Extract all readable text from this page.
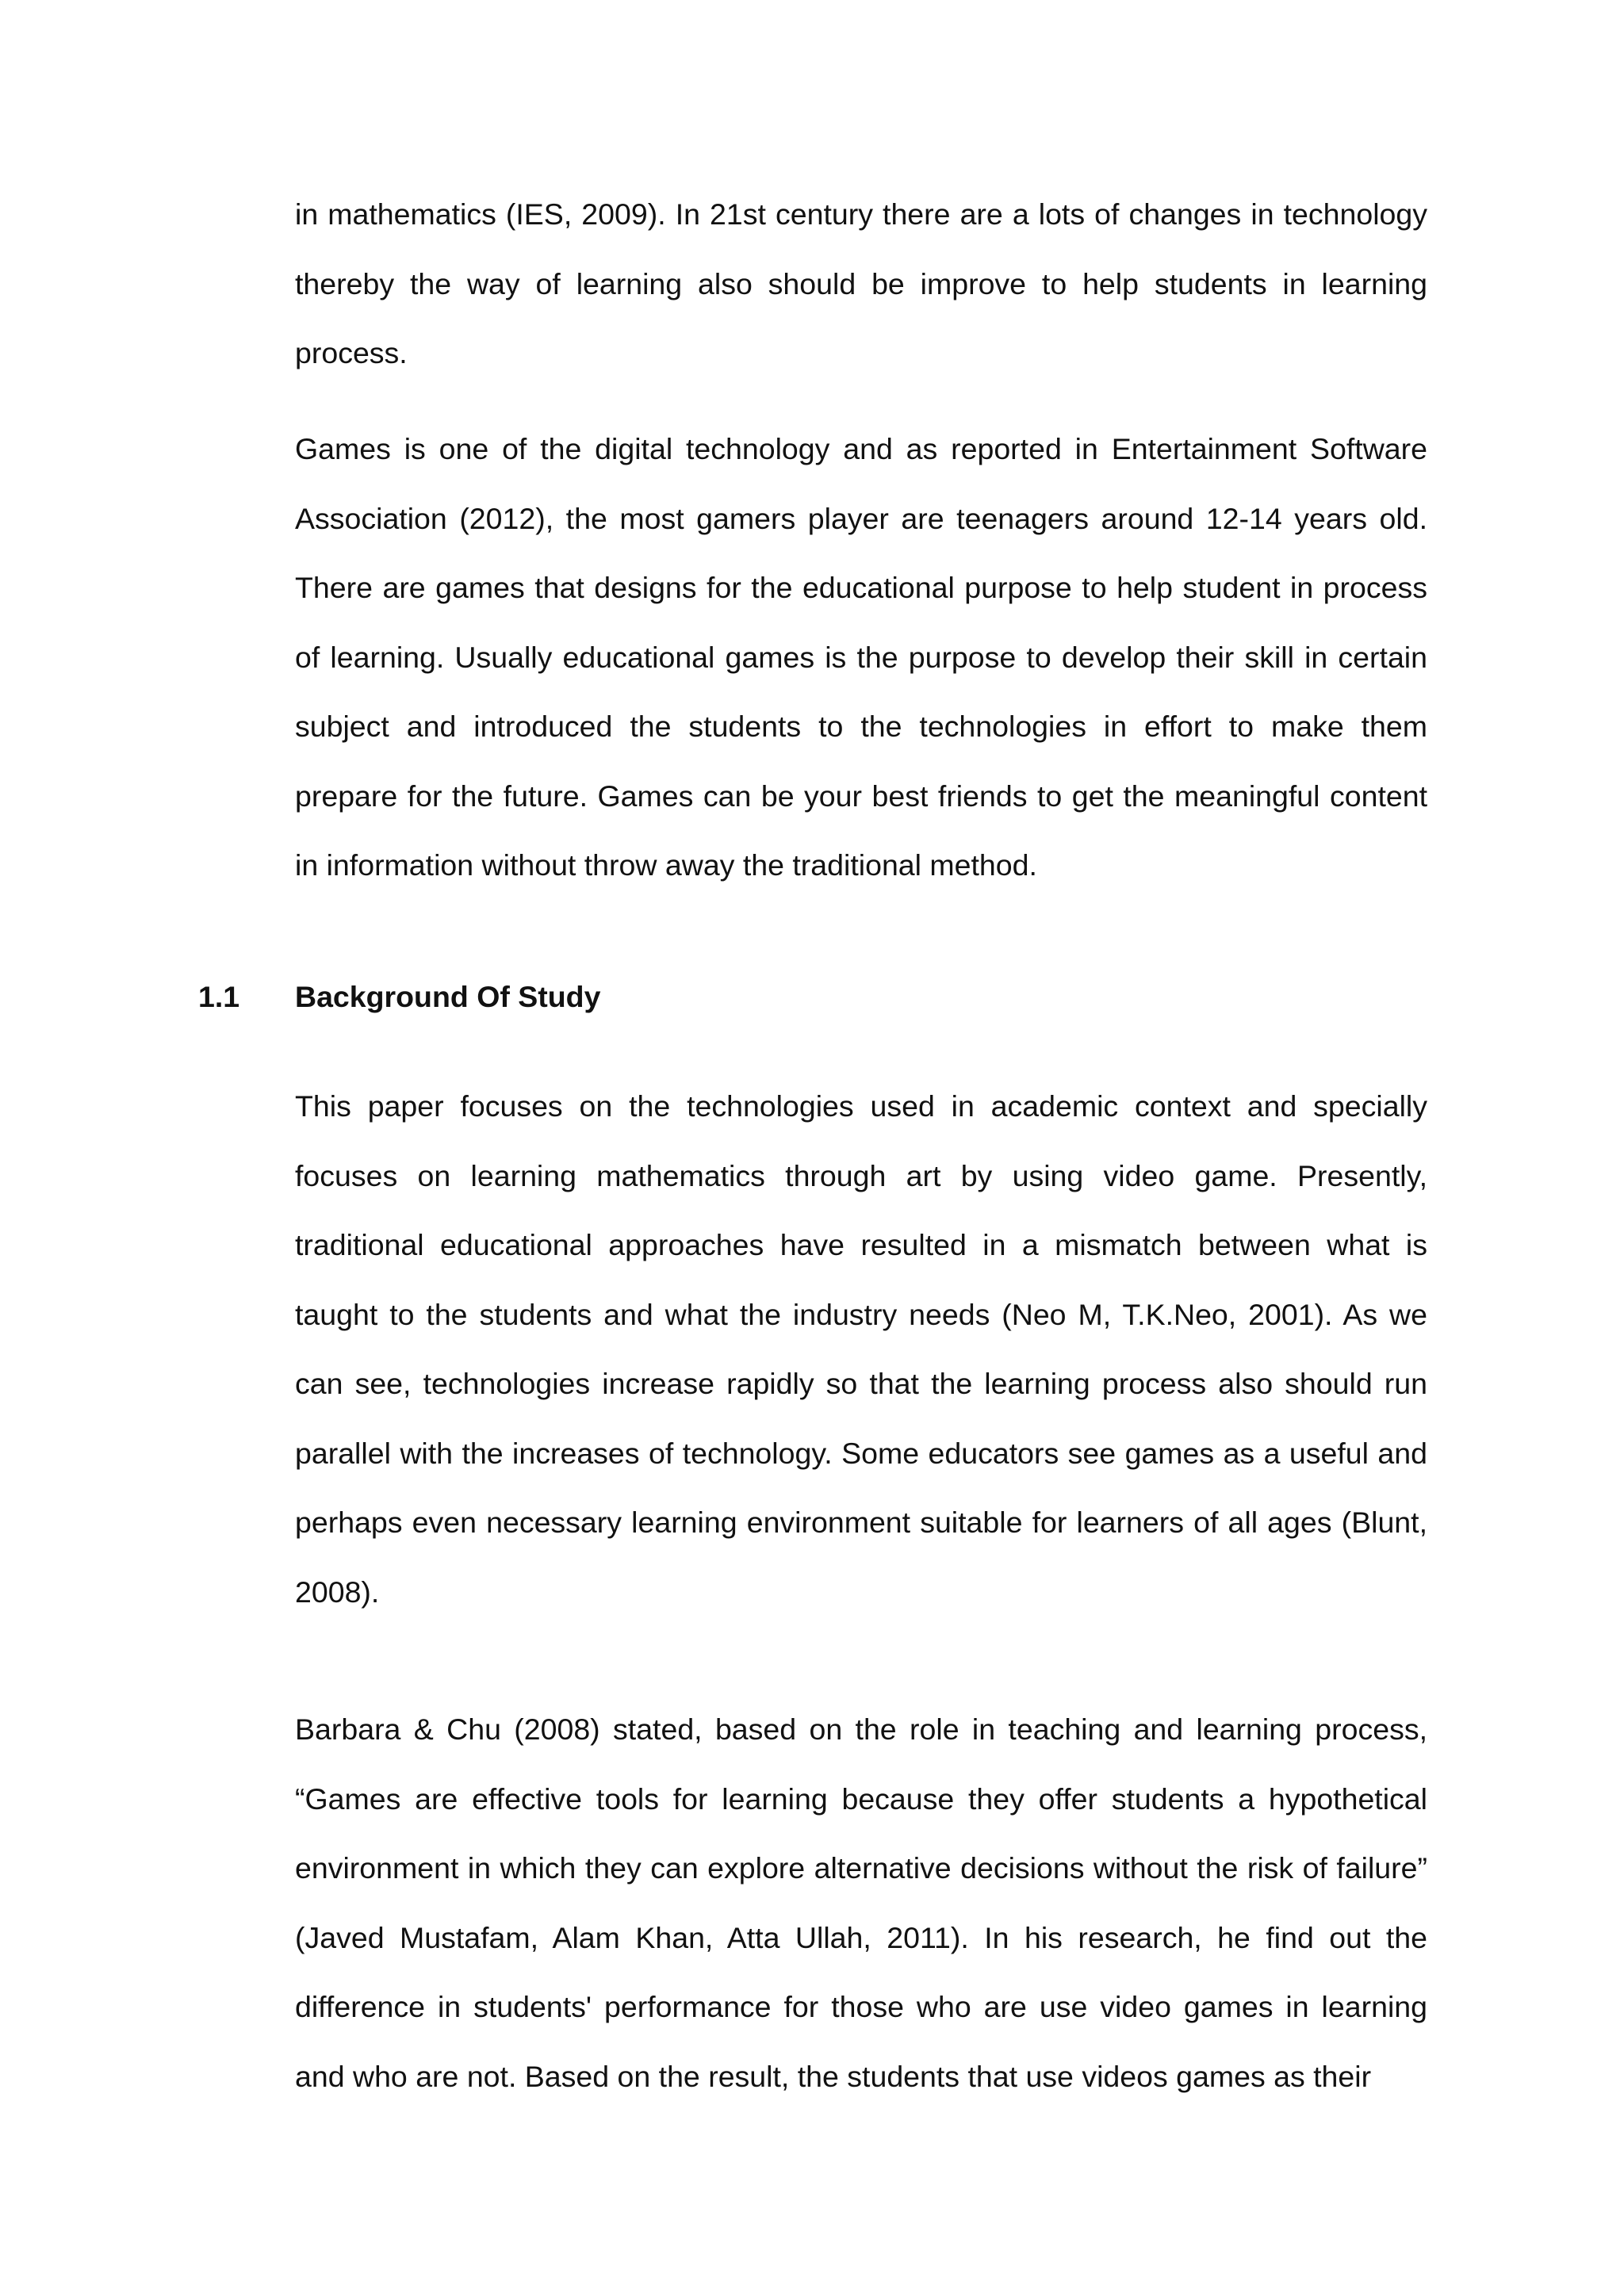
in mathematics (IES, 2009). In 21st century there are a lots of changes in technology thereby the way of learning also should be improve to help students in learning process.

Games is one of the digital technology and as reported in Entertainment Software Association (2012), the most gamers player are teenagers around 12-14 years old. There are games that designs for the educational purpose to help student in process of learning. Usually educational games is the purpose to develop their skill in certain subject and introduced the students to the technologies in effort to make them prepare for the future. Games can be your best friends to get the meaningful content in information without throw away the traditional method.

1.1 Background Of Study

This paper focuses on the technologies used in academic context and specially focuses on learning mathematics through art by using video game. Presently, traditional educational approaches have resulted in a mismatch between what is taught to the students and what the industry needs (Neo M, T.K.Neo, 2001). As we can see, technologies increase rapidly so that the learning process also should run parallel with the increases of technology. Some educators see games as a useful and perhaps even necessary learning environment suitable for learners of all ages (Blunt, 2008).

Barbara & Chu (2008) stated, based on the role in teaching and learning process, “Games are effective tools for learning because they offer students a hypothetical environment in which they can explore alternative decisions without the risk of failure” (Javed Mustafam, Alam Khan, Atta Ullah, 2011). In his research, he find out the difference in students' performance for those who are use video games in learning and who are not. Based on the result, the students that use videos games as their
